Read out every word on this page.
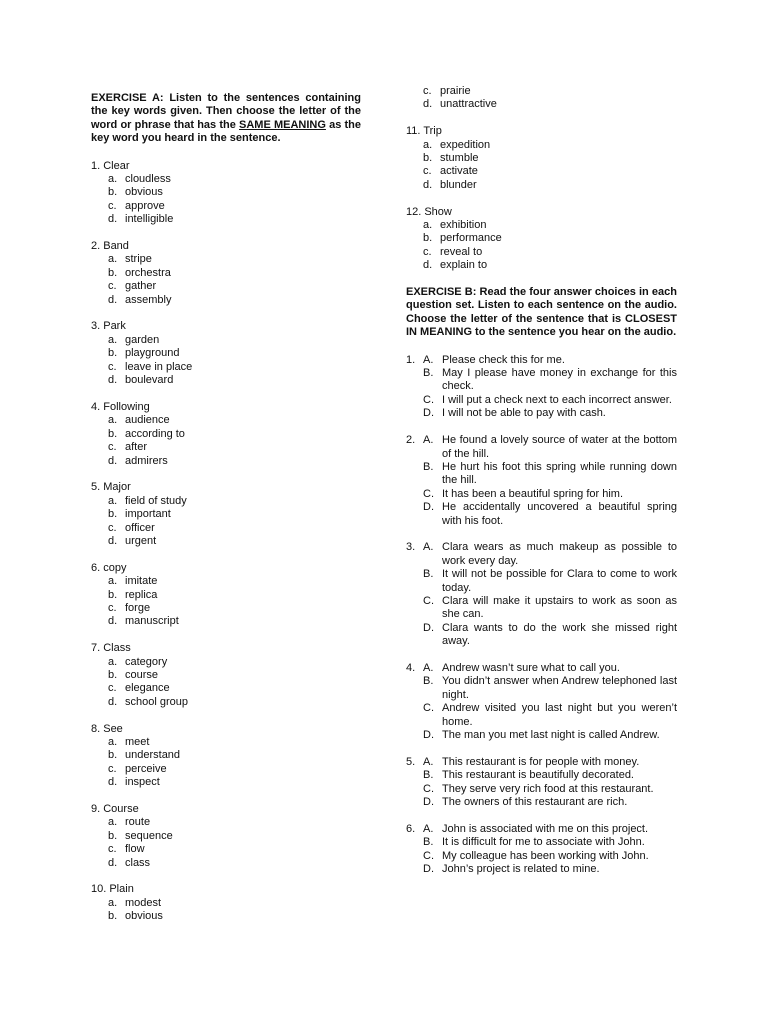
EXERCISE A: Listen to the sentences containing the key words given. Then choose the letter of the word or phrase that has the SAME MEANING as the key word you heard in the sentence.

1. Clear
a. cloudless
b. obvious
c. approve
d. intelligible
2. Band
a. stripe
b. orchestra
c. gather
d. assembly
3. Park
a. garden
b. playground
c. leave in place
d. boulevard
4. Following
a. audience
b. according to
c. after
d. admirers
5. Major
a. field of study
b. important
c. officer
d. urgent
6. copy
a. imitate
b. replica
c. forge
d. manuscript
7. Class
a. category
b. course
c. elegance
d. school group
8. See
a. meet
b. understand
c. perceive
d. inspect
9. Course
a. route
b. sequence
c. flow
d. class
10. Plain
a. modest
b. obvious
c. prairie
d. unattractive
11. Trip
a. expedition
b. stumble
c. activate
d. blunder
12. Show
a. exhibition
b. performance
c. reveal to
d. explain to

EXERCISE B: Read the four answer choices in each question set. Listen to each sentence on the audio. Choose the letter of the sentence that is CLOSEST IN MEANING to the sentence you hear on the audio.

1. A. Please check this for me.
B. May I please have money in exchange for this check.
C. I will put a check next to each incorrect answer.
D. I will not be able to pay with cash.
2. A. He found a lovely source of water at the bottom of the hill.
B. He hurt his foot this spring while running down the hill.
C. It has been a beautiful spring for him.
D. He accidentally uncovered a beautiful spring with his foot.
3. A. Clara wears as much makeup as possible to work every day.
B. It will not be possible for Clara to come to work today.
C. Clara will make it upstairs to work as soon as she can.
D. Clara wants to do the work she missed right away.
4. A. Andrew wasn’t sure what to call you.
B. You didn’t answer when Andrew telephoned last night.
C. Andrew visited you last night but you weren’t home.
D. The man you met last night is called Andrew.
5. A. This restaurant is for people with money.
B. This restaurant is beautifully decorated.
C. They serve very rich food at this restaurant.
D. The owners of this restaurant are rich.
6. A. John is associated with me on this project.
B. It is difficult for me to associate with John.
C. My colleague has been working with John.
D. John’s project is related to mine.
